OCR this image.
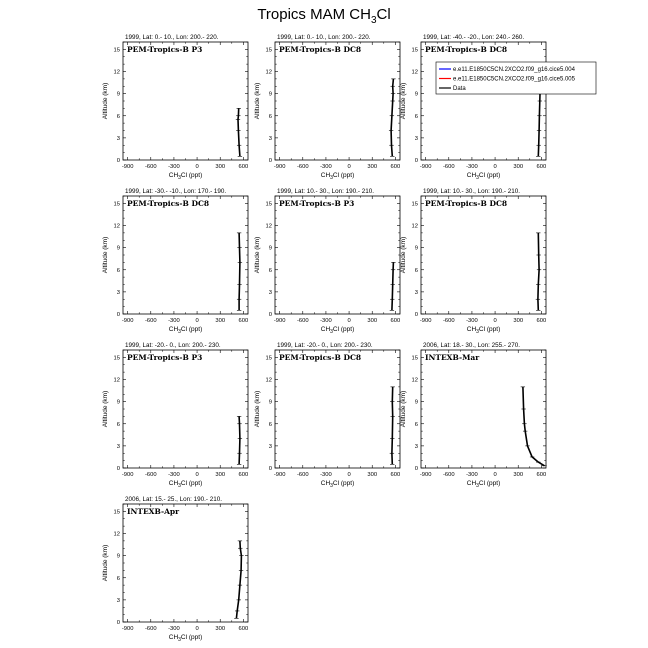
Tropics MAM $CH_3Cl$
1999, Lat: 0.- 10., Lon: 200.- 220.
PEM-Tropics-B P3
-900 -600 -300	0	300 600
0
3
6
9
12
15
$CH_3Cl$ (ppt)
Altitude (km)
1999, Lat: 0.- 10., Lon: 200.- 220.
PEM-Tropics-B DC8
-900 -600 -300	0	300 600
0
3
6
9
12
15
$CH_3Cl$ (ppt)
Altitude (km)
1999, Lat: -40.- -20., Lon: 240.- 260.
PEM-Tropics-B DC8
-900 -600 -300	0	300 600
0
3
6
9
12
15
$CH_3Cl$ (ppt)
Altitude (km)
1999, Lat: -30.- -10., Lon: 170.- 190.
PEM-Tropics-B DC8
-900 -600 -300	0	300 600
0
3
6
9
12
15
$CH_3Cl$ (ppt)
Altitude (km)
1999, Lat: 10.- 30., Lon: 190.- 210.
PEM-Tropics-B P3
-900 -600 -300	0	300 600
0
3
6
9
12
15
$CH_3Cl$ (ppt)
Altitude (km)
1999, Lat: 10.- 30., Lon: 190.- 210.
PEM-Tropics-B DC8
-900 -600 -300	0	300 600
0
3
6
9
12
15
$CH_3Cl$ (ppt)
Altitude (km)
1999, Lat: -20.- 0., Lon: 200.- 230.
PEM-Tropics-B P3
-900 -600 -300	0	300 600
0
3
6
9
12
15
$CH_3Cl$ (ppt)
Altitude (km)
1999, Lat: -20.- 0., Lon: 200.- 230.
PEM-Tropics-B DC8
-900 -600 -300	0	300 600
0
3
6
9
12
15
$CH_3Cl$ (ppt)
Altitude (km)
2006, Lat: 18.- 30., Lon: 255.- 270.
INTEXB-Mar
-900 -600 -300	0	300 600
0
3
6
9
12
15
$CH_3Cl$ (ppt)
Altitude (km)
2006, Lat: 15.- 25., Lon: 190.- 210.
INTEXB-Apr
-900 -600 -300	0	300 600
0
3
6
9
12
15
$CH_3Cl$ (ppt)
Altitude (km)
e.e11.E1850C5CN.2XCO2.f09_g16.cice5.004
e.e11.E1850C5CN.2XCO2.f09_g16.cice5.005
Data
